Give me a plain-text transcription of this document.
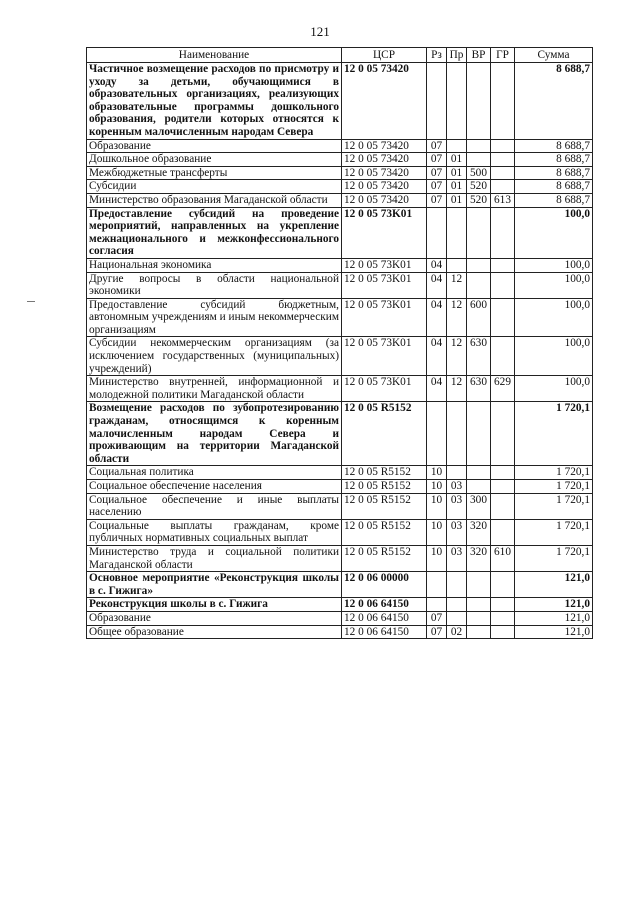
121
Наименование	ЦСР	Рз	Пр	ВР	ГР	Сумма
Частичное возмещение расходов по присмотру и уходу за детьми, обучающимися в образовательных организациях, реализующих образовательные программы дошкольного образования, родители которых относятся к коренным малочисленным народам Севера	12 0 05 73420					8 688,7
Образование	12 0 05 73420	07				8 688,7
Дошкольное образование	12 0 05 73420	07	01			8 688,7
Межбюджетные трансферты	12 0 05 73420	07	01	500		8 688,7
Субсидии	12 0 05 73420	07	01	520		8 688,7
Министерство образования Магаданской области	12 0 05 73420	07	01	520	613	8 688,7
Предоставление субсидий на проведение мероприятий, направленных на укрепление межнационального и межконфессионального согласия	12 0 05 73K01					100,0
Национальная экономика	12 0 05 73K01	04				100,0
Другие вопросы в области национальной экономики	12 0 05 73K01	04	12			100,0
Предоставление субсидий бюджетным, автономным учреждениям и иным некоммерческим организациям	12 0 05 73K01	04	12	600		100,0
Субсидии некоммерческим организациям (за исключением государственных (муниципальных) учреждений)	12 0 05 73K01	04	12	630		100,0
Министерство внутренней, информационной и молодежной политики Магаданской области	12 0 05 73K01	04	12	630	629	100,0
Возмещение расходов по зубопротезированию гражданам, относящимся к коренным малочисленным народам Севера и проживающим на территории Магаданской области	12 0 05 R5152					1 720,1
Социальная политика	12 0 05 R5152	10				1 720,1
Социальное обеспечение населения	12 0 05 R5152	10	03			1 720,1
Социальное обеспечение и иные выплаты населению	12 0 05 R5152	10	03	300		1 720,1
Социальные выплаты гражданам, кроме публичных нормативных социальных выплат	12 0 05 R5152	10	03	320		1 720,1
Министерство труда и социальной политики Магаданской области	12 0 05 R5152	10	03	320	610	1 720,1
Основное мероприятие «Реконструкция школы в с. Гижига»	12 0 06 00000					121,0
Реконструкция школы в с. Гижига	12 0 06 64150					121,0
Образование	12 0 06 64150	07				121,0
Общее образование	12 0 06 64150	07	02			121,0
